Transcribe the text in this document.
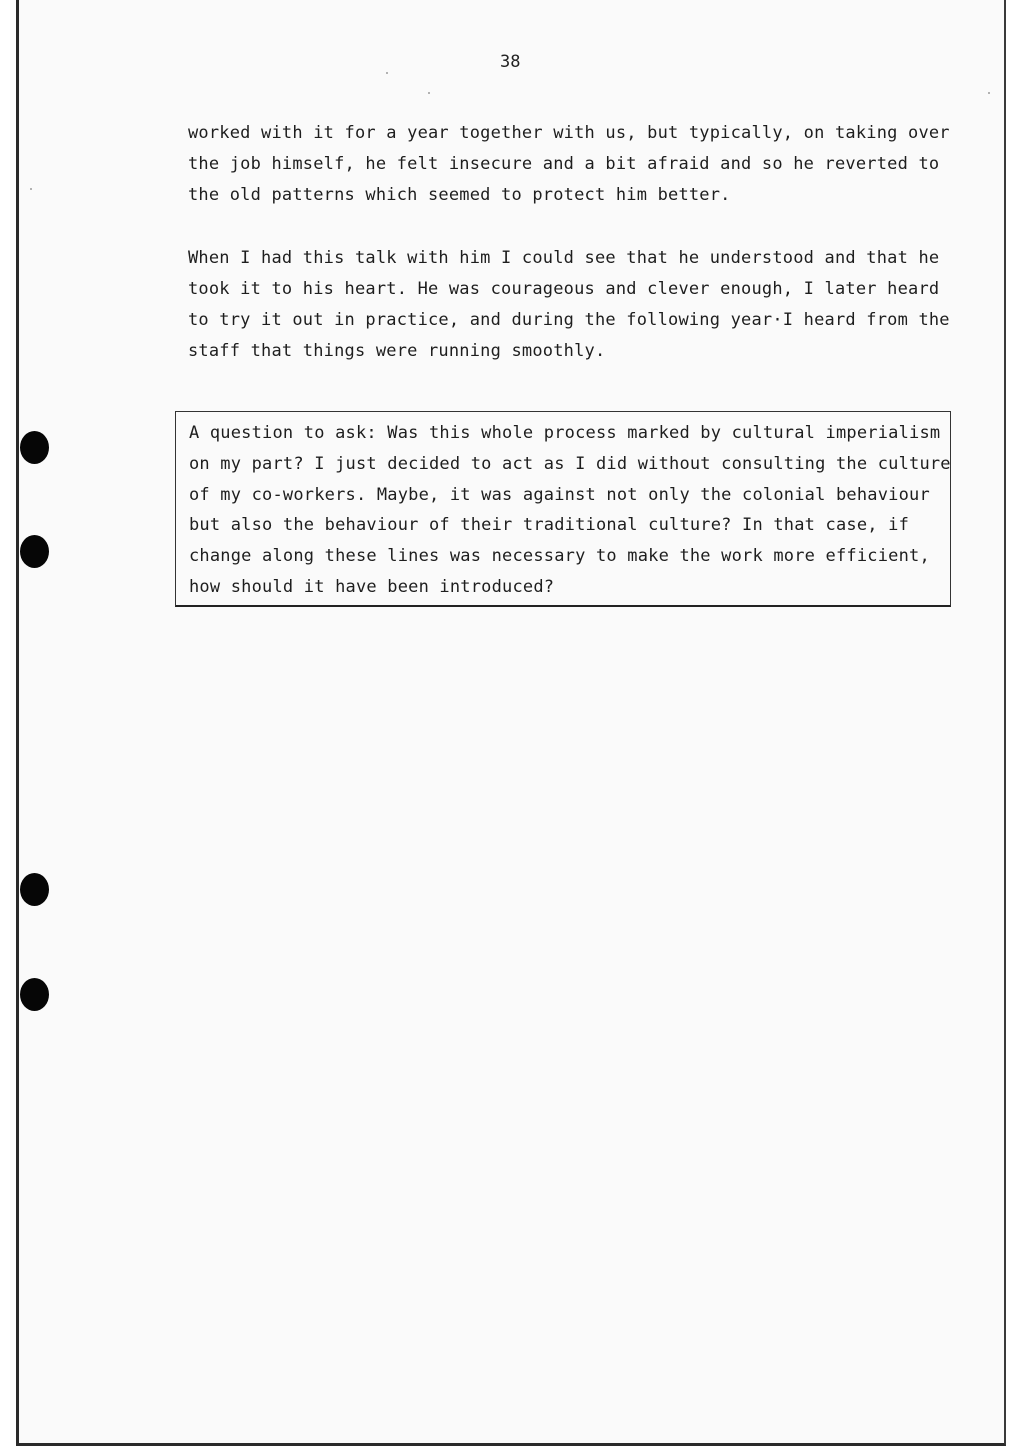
38

worked with it for a year together with us, but typically, on taking over
the job himself, he felt insecure and a bit afraid and so he reverted to
the old patterns which seemed to protect him better.

When I had this talk with him I could see that he understood and that he
took it to his heart. He was courageous and clever enough, I later heard
to try it out in practice, and during the following year·I heard from the
staff that things were running smoothly.

A question to ask: Was this whole process marked by cultural imperialism
on my part? I just decided to act as I did without consulting the culture
of my co-workers. Maybe, it was against not only the colonial behaviour
but also the behaviour of their traditional culture? In that case, if
change along these lines was necessary to make the work more efficient,
how should it have been introduced?
